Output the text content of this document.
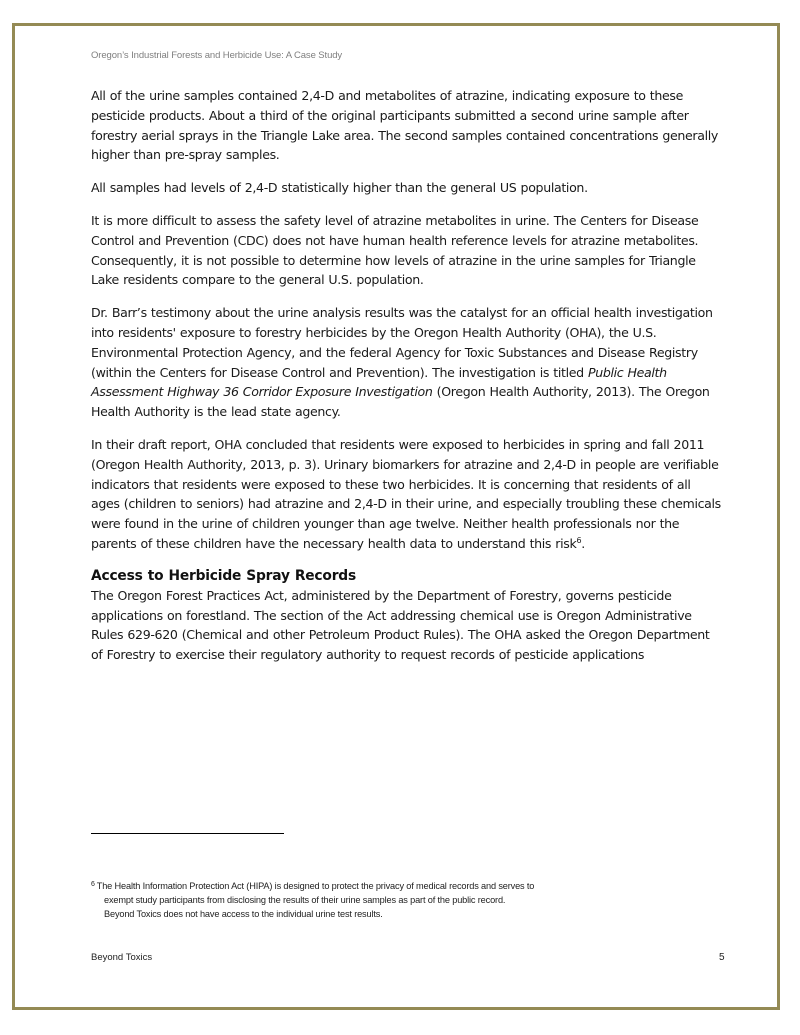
Oregon’s Industrial Forests and Herbicide Use: A Case Study

All of the urine samples contained 2,4-D and metabolites of atrazine, indicating exposure to these pesticide products. About a third of the original participants submitted a second urine sample after forestry aerial sprays in the Triangle Lake area. The second samples contained concentrations generally higher than pre-spray samples.

All samples had levels of 2,4-D statistically higher than the general US population.

It is more difficult to assess the safety level of atrazine metabolites in urine. The Centers for Disease Control and Prevention (CDC) does not have human health reference levels for atrazine metabolites. Consequently, it is not possible to determine how levels of atrazine in the urine samples for Triangle Lake residents compare to the general U.S. population.

Dr. Barr’s testimony about the urine analysis results was the catalyst for an official health investigation into residents' exposure to forestry herbicides by the Oregon Health Authority (OHA), the U.S. Environmental Protection Agency, and the federal Agency for Toxic Substances and Disease Registry (within the Centers for Disease Control and Prevention). The investigation is titled Public Health Assessment Highway 36 Corridor Exposure Investigation (Oregon Health Authority, 2013). The Oregon Health Authority is the lead state agency.

In their draft report, OHA concluded that residents were exposed to herbicides in spring and fall 2011 (Oregon Health Authority, 2013, p. 3). Urinary biomarkers for atrazine and 2,4-D in people are verifiable indicators that residents were exposed to these two herbicides. It is concerning that residents of all ages (children to seniors) had atrazine and 2,4-D in their urine, and especially troubling these chemicals were found in the urine of children younger than age twelve. Neither health professionals nor the parents of these children have the necessary health data to understand this risk$^6$.

Access to Herbicide Spray Records

The Oregon Forest Practices Act, administered by the Department of Forestry, governs pesticide applications on forestland. The section of the Act addressing chemical use is Oregon Administrative Rules 629-620 (Chemical and other Petroleum Product Rules). The OHA asked the Oregon Department of Forestry to exercise their regulatory authority to request records of pesticide applications

$^6$ The Health Information Protection Act (HIPA) is designed to protect the privacy of medical records and serves to
exempt study participants from disclosing the results of their urine samples as part of the public record.
Beyond Toxics does not have access to the individual urine test results.
Beyond Toxics	5
